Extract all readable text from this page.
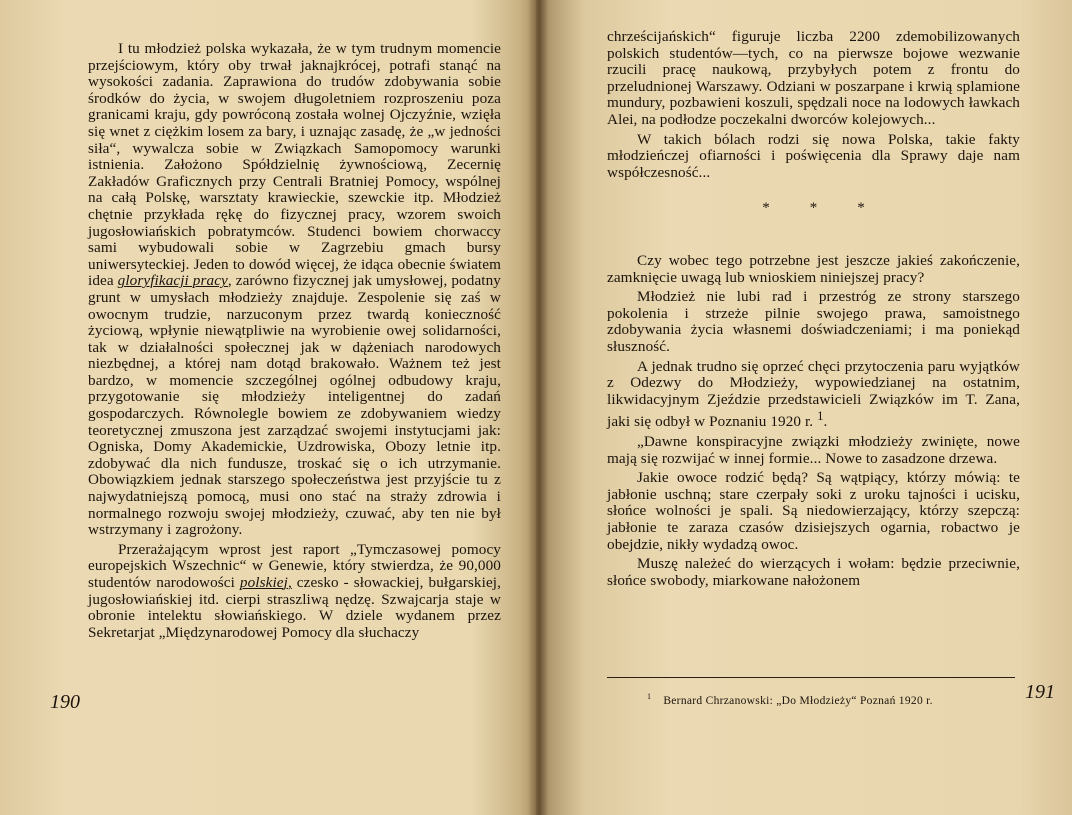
I tu młodzież polska wykazała, że w tym trudnym momencie przejściowym, który oby trwał jaknajkrócej, potrafi stanąć na wysokości zadania. Zaprawiona do trudów zdobywania sobie środków do życia, w swojem długoletniem rozproszeniu poza granicami kraju, gdy powróconą została wolnej Ojczyźnie, wzięła się wnet z ciężkim losem za bary, i uznając zasadę, że „w jedności siła“, wywalcza sobie w Związkach Samopomocy warunki istnienia. Założono Spółdzielnię żywnościową, Zecernię Zakładów Graficznych przy Centrali Bratniej Pomocy, wspólnej na całą Polskę, warsztaty krawieckie, szewckie itp. Młodzież chętnie przykłada rękę do fizycznej pracy, wzorem swoich jugosłowiańskich pobratymców. Studenci bowiem chorwaccy sami wybudowali sobie w Zagrzebiu gmach bursy uniwersyteckiej. Jeden to dowód więcej, że idąca obecnie światem idea gloryfikacji pracy, zarówno fizycznej jak umysłowej, podatny grunt w umysłach młodzieży znajduje. Zespolenie się zaś w owocnym trudzie, narzuconym przez twardą konieczność życiową, wpłynie niewątpliwie na wyrobienie owej solidarności, tak w działalności społecznej jak w dążeniach narodowych niezbędnej, a której nam dotąd brakowało. Ważnem też jest bardzo, w momencie szczególnej ogólnej odbudowy kraju, przygotowanie się młodzieży inteligentnej do zadań gospodarczych. Równolegle bowiem ze zdobywaniem wiedzy teoretycznej zmuszona jest zarządzać swojemi instytucjami jak: Ogniska, Domy Akademickie, Uzdrowiska, Obozy letnie itp. zdobywać dla nich fundusze, troskać się o ich utrzymanie. Obowiązkiem jednak starszego społeczeństwa jest przyjście tu z najwydatniejszą pomocą, musi ono stać na straży zdrowia i normalnego rozwoju swojej młodzieży, czuwać, aby ten nie był wstrzymany i zagrożony.

Przerażającym wprost jest raport „Tymczasowej pomocy europejskich Wszechnic“ w Genewie, który stwierdza, że 90,000 studentów narodowości polskiej, czesko - słowackiej, bułgarskiej, jugosłowiańskiej itd. cierpi straszliwą nędzę. Szwajcarja staje w obronie intelektu słowiańskiego. W dziele wydanem przez Sekretarjat „Międzynarodowej Pomocy dla słuchaczy

190

chrześcijańskich“ figuruje liczba 2200 zdemobilizowanych polskich studentów—tych, co na pierwsze bojowe wezwanie rzucili pracę naukową, przybyłych potem z frontu do przeludnionej Warszawy. Odziani w poszarpane i krwią splamione mundury, pozbawieni koszuli, spędzali noce na lodowych ławkach Alei, na podłodze poczekalni dworców kolejowych...

W takich bólach rodzi się nowa Polska, takie fakty młodzieńczej ofiarności i poświęcenia dla Sprawy daje nam współczesność...

***

Czy wobec tego potrzebne jest jeszcze jakieś zakończenie, zamknięcie uwagą lub wnioskiem niniejszej pracy?

Młodzież nie lubi rad i przestróg ze strony starszego pokolenia i strzeże pilnie swojego prawa, samoistnego zdobywania życia własnemi doświadczeniami; i ma poniekąd słuszność.

A jednak trudno się oprzeć chęci przytoczenia paru wyjątków z Odezwy do Młodzieży, wypowiedzianej na ostatnim, likwidacyjnym Zjeździe przedstawicieli Związków im T. Zana, jaki się odbył w Poznaniu 1920 r. $^1$.

„Dawne konspiracyjne związki młodzieży zwinięte, nowe mają się rozwijać w innej formie... Nowe to zasadzone drzewa.

Jakie owoce rodzić będą? Są wątpiący, którzy mówią: te jabłonie uschną; stare czerpały soki z uroku tajności i ucisku, słońce wolności je spali. Są niedowierzający, którzy szepczą: jabłonie te zaraza czasów dzisiejszych ogarnia, robactwo je obejdzie, nikły wydadzą owoc.

Muszę należeć do wierzących i wołam: będzie przeciwnie, słońce swobody, miarkowane nałożonem

$^1$ Bernard Chrzanowski: „Do Młodzieży“ Poznań 1920 r.	191
